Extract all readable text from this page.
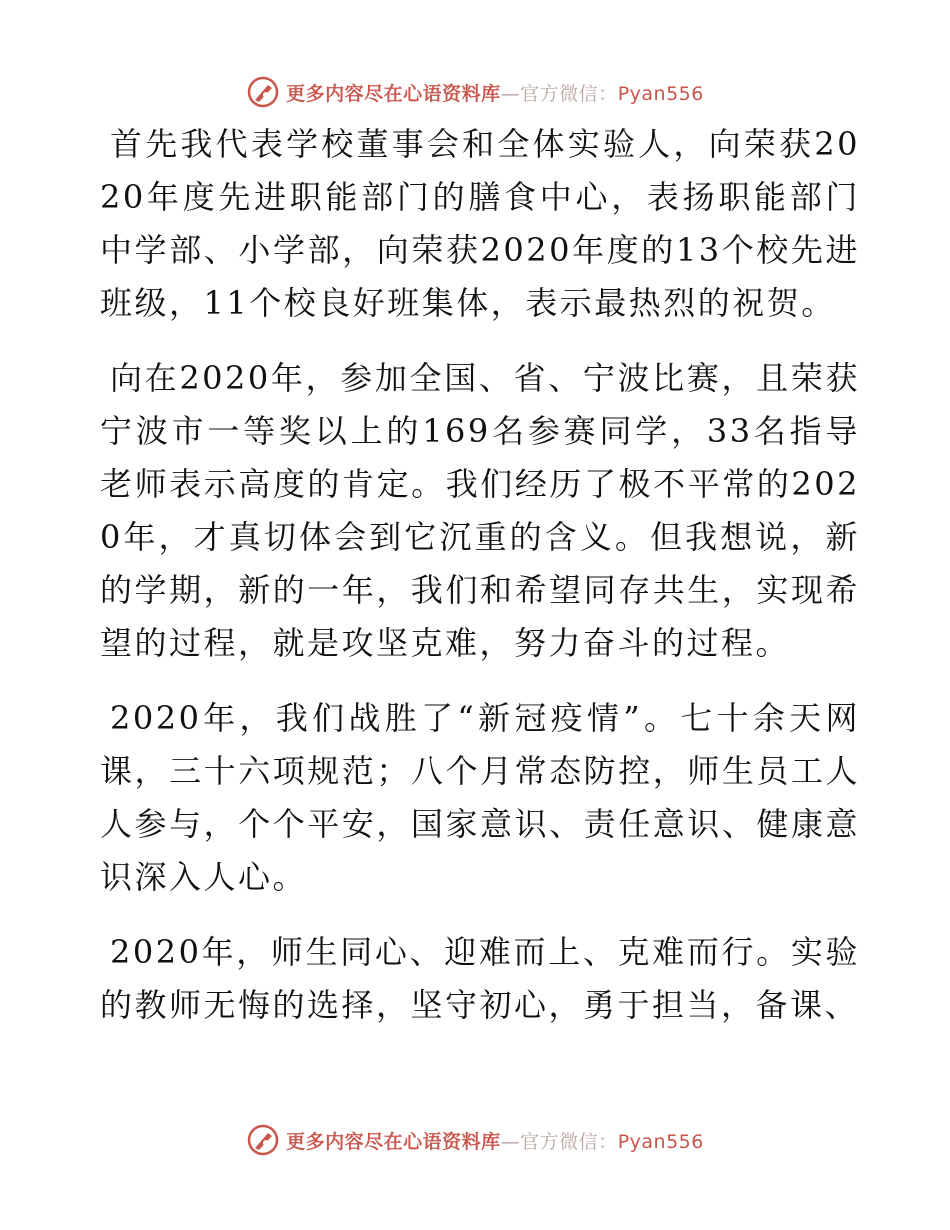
更多内容尽在心语资料库—官方微信：Pyan556

首先我代表学校董事会和全体实验人，向荣获2020年度先进职能部门的膳食中心，表扬职能部门中学部、小学部，向荣获2020年度的13个校先进班级，11个校良好班集体，表示最热烈的祝贺。

向在2020年，参加全国、省、宁波比赛，且荣获宁波市一等奖以上的169名参赛同学，33名指导老师表示高度的肯定。我们经历了极不平常的2020年，才真切体会到它沉重的含义。但我想说，新的学期，新的一年，我们和希望同存共生，实现希望的过程，就是攻坚克难，努力奋斗的过程。

2020年，我们战胜了“新冠疫情”。七十余天网课，三十六项规范；八个月常态防控，师生员工人人参与，个个平安，国家意识、责任意识、健康意识深入人心。

2020年，师生同心、迎难而上、克难而行。实验的教师无悔的选择，坚守初心，勇于担当，备课、

更多内容尽在心语资料库—官方微信：Pyan556
